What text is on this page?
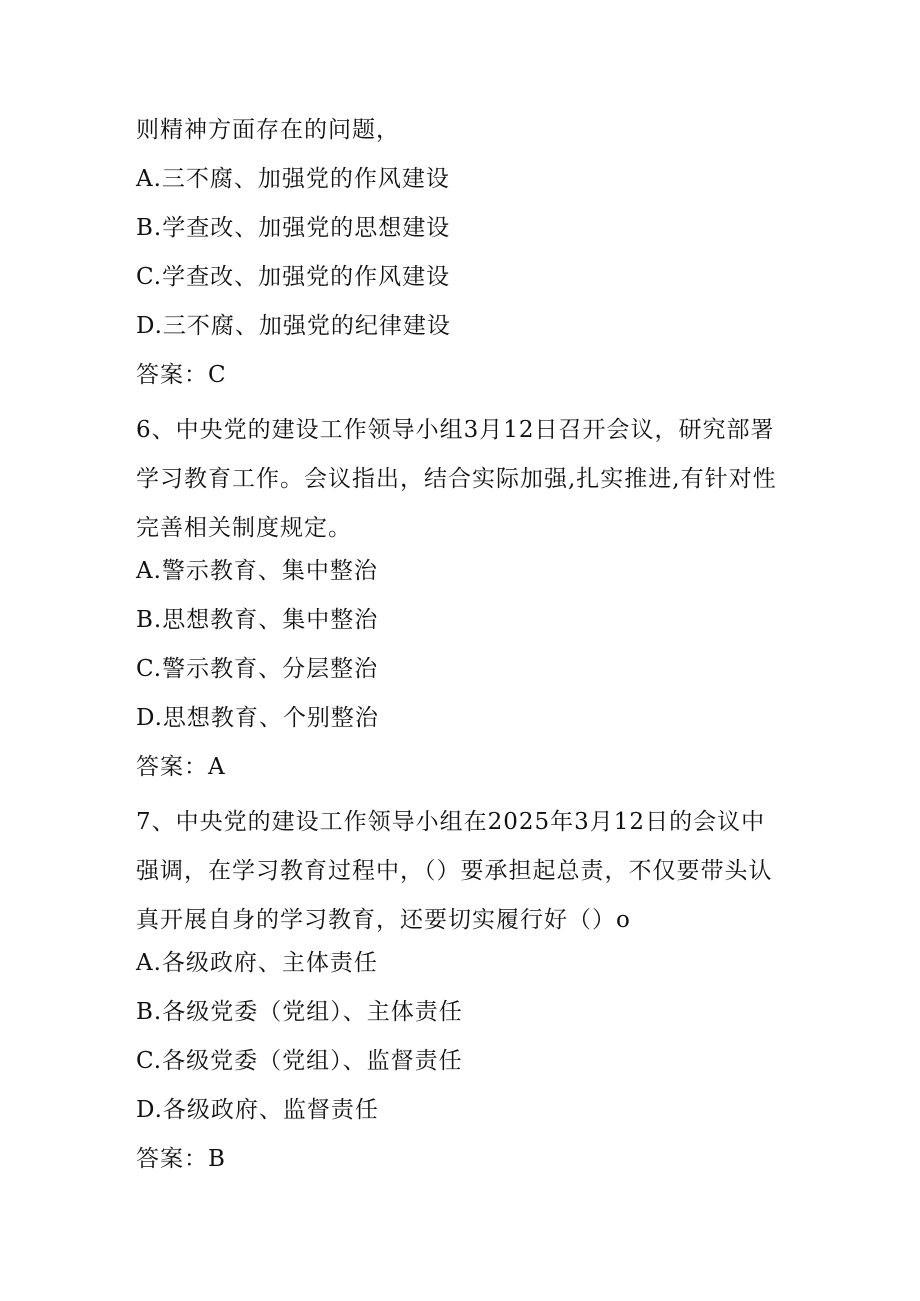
则精神方面存在的问题，
A.三不腐、加强党的作风建设
B.学查改、加强党的思想建设
C.学查改、加强党的作风建设
D.三不腐、加强党的纪律建设
答案：C
6、中央党的建设工作领导小组3月12日召开会议，研究部署学习教育工作。会议指出，结合实际加强,扎实推进,有针对性完善相关制度规定。
A.警示教育、集中整治
B.思想教育、集中整治
C.警示教育、分层整治
D.思想教育、个别整治
答案：A
7、中央党的建设工作领导小组在2025年3月12日的会议中强调，在学习教育过程中，（）要承担起总责，不仅要带头认真开展自身的学习教育，还要切实履行好（）o
A.各级政府、主体责任
B.各级党委（党组）、主体责任
C.各级党委（党组）、监督责任
D.各级政府、监督责任
答案：B
